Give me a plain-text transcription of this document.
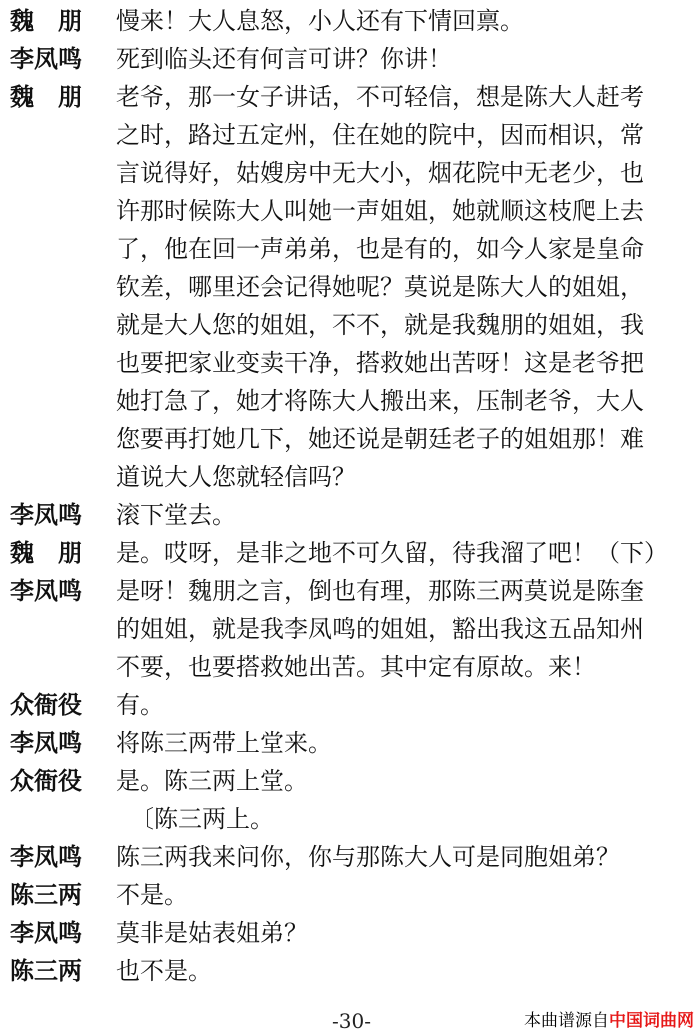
魏　朋	慢来！大人息怒，小人还有下情回禀。
李凤鸣	死到临头还有何言可讲？你讲！
魏　朋	老爷，那一女子讲话，不可轻信，想是陈大人赶考
之时，路过五定州，住在她的院中，因而相识，常
言说得好，姑嫂房中无大小，烟花院中无老少，也
许那时候陈大人叫她一声姐姐，她就顺这枝爬上去
了，他在回一声弟弟，也是有的，如今人家是皇命
钦差，哪里还会记得她呢？莫说是陈大人的姐姐，
就是大人您的姐姐，不不，就是我魏朋的姐姐，我
也要把家业变卖干净，搭救她出苦呀！这是老爷把
她打急了，她才将陈大人搬出来，压制老爷，大人
您要再打她几下，她还说是朝廷老子的姐姐那！难
道说大人您就轻信吗？
李凤鸣	滚下堂去。
魏　朋	是。哎呀，是非之地不可久留，待我溜了吧！（下）
李凤鸣	是呀！魏朋之言，倒也有理，那陈三两莫说是陈奎
的姐姐，就是我李凤鸣的姐姐，豁出我这五品知州
不要，也要搭救她出苦。其中定有原故。来！
众衙役	有。
李凤鸣	将陈三两带上堂来。
众衙役	是。陈三两上堂。
〔陈三两上。
李凤鸣	陈三两我来问你，你与那陈大人可是同胞姐弟？
陈三两	不是。
李凤鸣	莫非是姑表姐弟？
陈三两	也不是。
-30-	本曲谱源自中国词曲网
